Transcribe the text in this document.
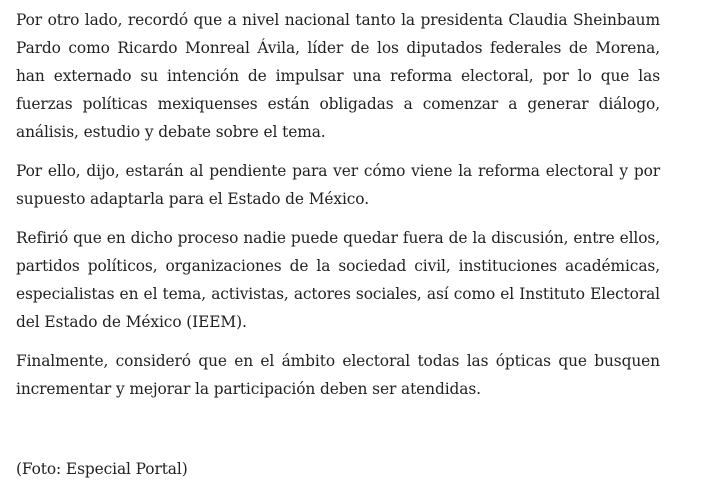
Por otro lado, recordó que a nivel nacional tanto la presidenta Claudia Sheinbaum Pardo como Ricardo Monreal Ávila, líder de los diputados federales de Morena, han externado su intención de impulsar una reforma electoral, por lo que las fuerzas políticas mexiquenses están obligadas a comenzar a generar diálogo, análisis, estudio y debate sobre el tema.

Por ello, dijo, estarán al pendiente para ver cómo viene la reforma electoral y por supuesto adaptarla para el Estado de México.

Refirió que en dicho proceso nadie puede quedar fuera de la discusión, entre ellos, partidos políticos, organizaciones de la sociedad civil, instituciones académicas, especialistas en el tema, activistas, actores sociales, así como el Instituto Electoral del Estado de México (IEEM).

Finalmente, consideró que en el ámbito electoral todas las ópticas que busquen incrementar y mejorar la participación deben ser atendidas.

(Foto: Especial Portal)
